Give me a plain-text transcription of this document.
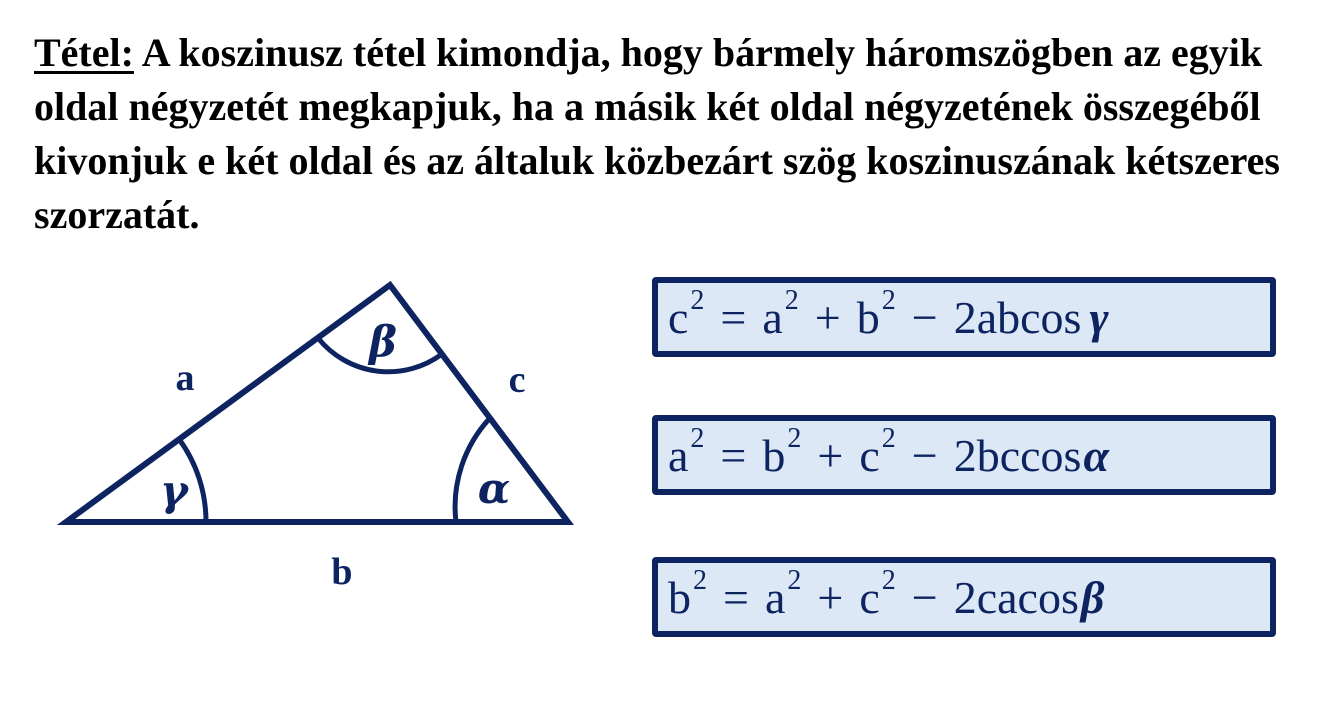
Tétel: A koszinusz tétel kimondja, hogy bármely háromszögben az egyik oldal négyzetét megkapjuk, ha a másik két oldal négyzetének összegéből kivonjuk e két oldal és az általuk közbezárt szög koszinuszának kétszeres szorzatát.

γ
β
α
a	c
b
c 2 = a 2 + b 2 − 2abcos γ
a 2 = b 2 + c 2 − 2bccos α
b 2 = a 2 + c 2 − 2cacos β
